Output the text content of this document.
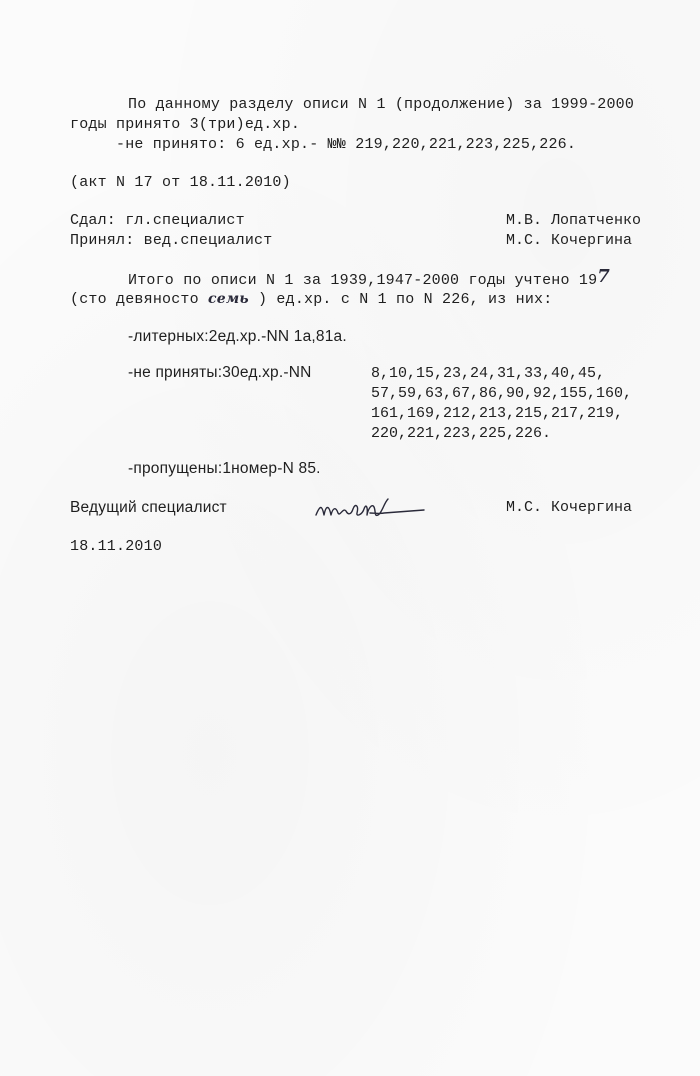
По данному разделу описи N 1 (продолжение) за 1999-2000
годы принято 3(три)ед.хр.
-не принято: 6 ед.хр.- №№ 219,220,221,223,225,226.
(акт N 17 от 18.11.2010)
Сдал: гл.специалист	М.В. Лопатченко
Принял: вед.специалист	М.С. Кочергина
Итого по описи N 1 за 1939,1947-2000 годы учтено 197
(сто девяносто семь ) ед.хр. с N 1 по N 226, из них:
-литерных:2ед.хр.-NN 1а,81а.
-не приняты:30ед.хр.-NN	8,10,15,23,24,31,33,40,45,
57,59,63,67,86,90,92,155,160,
161,169,212,213,215,217,219,
220,221,223,225,226.
-пропущены:1номер-N 85.
Ведущий специалист	М.С. Кочергина
18.11.2010
